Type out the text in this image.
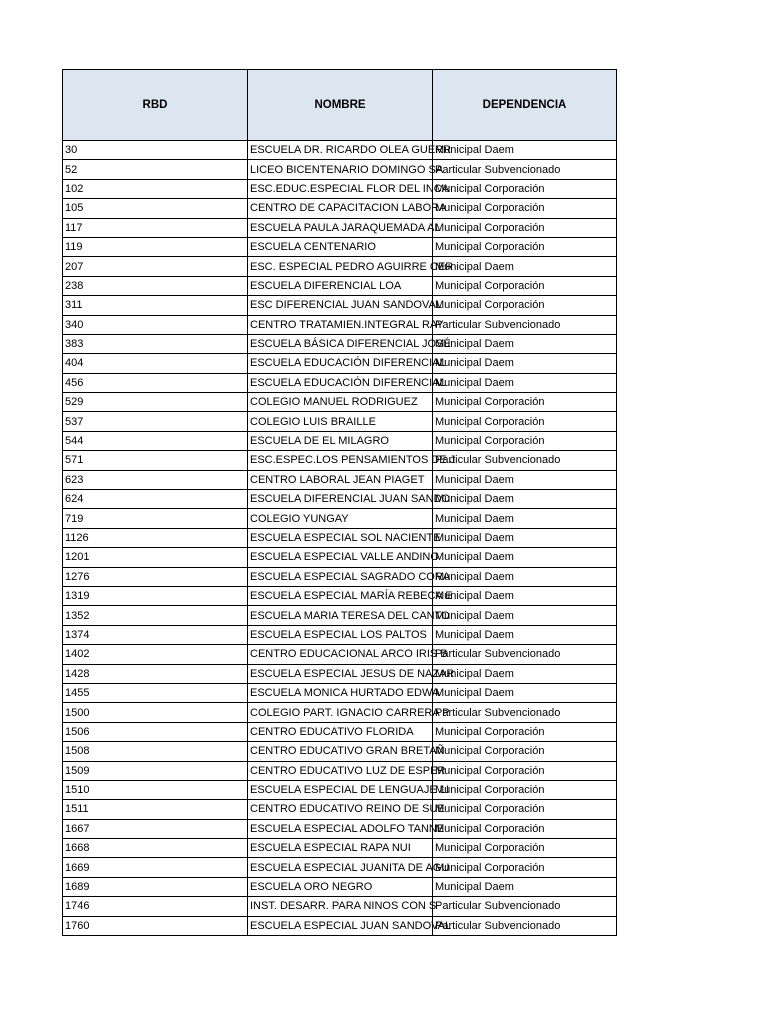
RBD	NOMBRE	DEPENDENCIA
30	ESCUELA DR. RICARDO OLEA GUERR	Municipal Daem
52	LICEO BICENTENARIO DOMINGO SA	Particular Subvencionado
102	ESC.EDUC.ESPECIAL FLOR DEL INCA	Municipal Corporación
105	CENTRO DE CAPACITACION LABORA	Municipal Corporación
117	ESCUELA PAULA JARAQUEMADA AL	Municipal Corporación
119	ESCUELA CENTENARIO	Municipal Corporación
207	ESC. ESPECIAL PEDRO AGUIRRE CER	Municipal Daem
238	ESCUELA DIFERENCIAL LOA	Municipal Corporación
311	ESC DIFERENCIAL JUAN SANDOVAL	Municipal Corporación
340	CENTRO TRATAMIEN.INTEGRAL RAY	Particular Subvencionado
383	ESCUELA BÁSICA DIFERENCIAL JOSÉ	Municipal Daem
404	ESCUELA EDUCACIÓN DIFERENCIAL	Municipal Daem
456	ESCUELA EDUCACIÓN DIFERENCIAL	Municipal Daem
529	COLEGIO MANUEL RODRIGUEZ	Municipal Corporación
537	COLEGIO LUIS BRAILLE	Municipal Corporación
544	ESCUELA DE EL MILAGRO	Municipal Corporación
571	ESC.ESPEC.LOS PENSAMIENTOS DE J	Particular Subvencionado
623	CENTRO LABORAL JEAN PIAGET	Municipal Daem
624	ESCUELA DIFERENCIAL JUAN SANDO	Municipal Daem
719	COLEGIO YUNGAY	Municipal Daem
1126	ESCUELA ESPECIAL SOL NACIENTE	Municipal Daem
1201	ESCUELA ESPECIAL VALLE ANDINO	Municipal Daem
1276	ESCUELA ESPECIAL SAGRADO CORA	Municipal Daem
1319	ESCUELA ESPECIAL MARÍA REBECA E	Municipal Daem
1352	ESCUELA MARIA TERESA DEL CANTO	Municipal Daem
1374	ESCUELA ESPECIAL LOS PALTOS	Municipal Daem
1402	CENTRO EDUCACIONAL ARCO IRIS B	Particular Subvencionado
1428	ESCUELA ESPECIAL JESUS DE NAZAR	Municipal Daem
1455	ESCUELA MONICA HURTADO EDWA	Municipal Daem
1500	COLEGIO PART. IGNACIO CARRERA P	Particular Subvencionado
1506	CENTRO EDUCATIVO FLORIDA	Municipal Corporación
1508	CENTRO EDUCATIVO GRAN BRETAÑ	Municipal Corporación
1509	CENTRO EDUCATIVO LUZ DE ESPER	Municipal Corporación
1510	ESCUELA ESPECIAL DE LENGUAJE LI	Municipal Corporación
1511	CENTRO EDUCATIVO REINO DE SUE	Municipal Corporación
1667	ESCUELA ESPECIAL ADOLFO TANNE	Municipal Corporación
1668	ESCUELA ESPECIAL RAPA NUI	Municipal Corporación
1669	ESCUELA ESPECIAL JUANITA DE AGU	Municipal Corporación
1689	ESCUELA ORO NEGRO	Municipal Daem
1746	INST. DESARR. PARA NINOS CON S	Particular Subvencionado
1760	ESCUELA ESPECIAL JUAN SANDOVAL	Particular Subvencionado
